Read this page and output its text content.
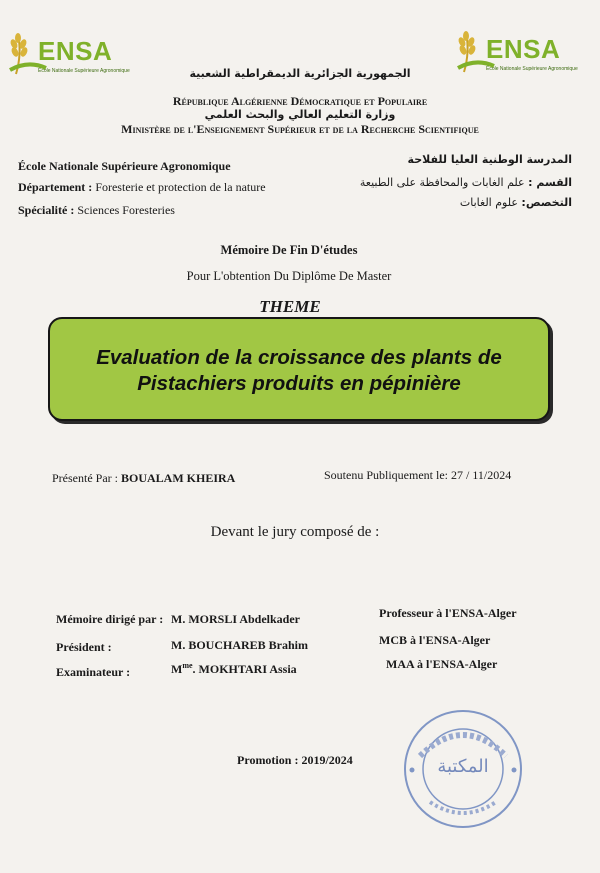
ENSA
École Nationale Supérieure Agronomique
ENSA
École Nationale Supérieure Agronomique
الجمهورية الجزائرية الديمقراطية الشعبية
République Algérienne Démocratique et Populaire
وزارة التعليم العالي والبحث العلمي
Ministère de l'Enseignement Supérieur et de la Recherche Scientifique
École Nationale Supérieure Agronomique	المدرسة الوطنية العليا للفلاحة
Département : Foresterie et protection de la nature	القسم : علم الغابات والمحافظة على الطبيعة
Spécialité : Sciences Foresteries
التخصص: علوم الغابات
Mémoire De Fin D'études
Pour L'obtention Du Diplôme De Master
THEME
Evaluation de la croissance des plants de
Pistachiers produits en pépinière
Présenté Par : BOUALAM KHEIRA	Soutenu Publiquement le: 27 / 11/2024
Devant le jury composé de :
Mémoire dirigé par : M. MORSLI Abdelkader	Professeur à l'ENSA-Alger
Président :	M. BOUCHAREB Brahim	MCB à l'ENSA-Alger
Examinateur :	$M^{me}$. MOKHTARI Assia	MAA à l'ENSA-Alger
Promotion : 2019/2024	المكتبة
